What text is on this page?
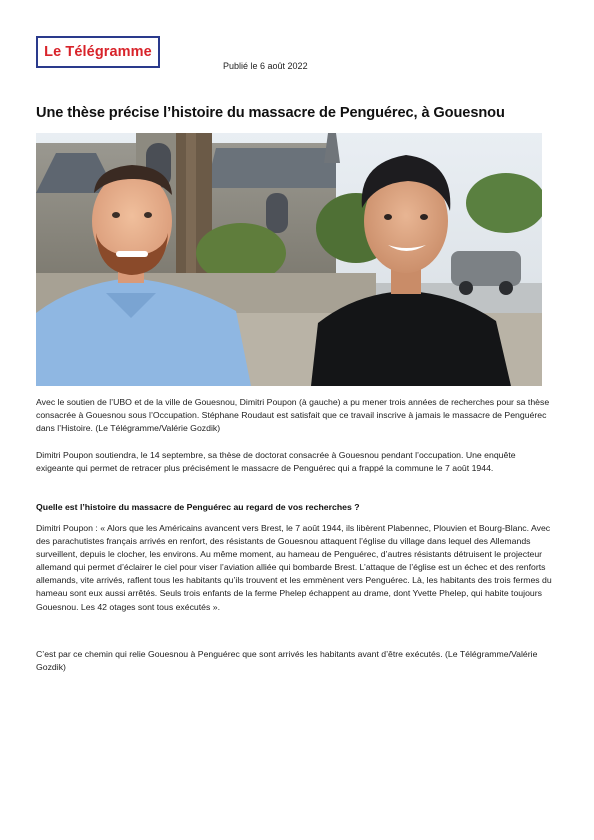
Le Télégramme
Publié le 6 août 2022
Une thèse précise l’histoire du massacre de Penguérec, à Gouesnou

Avec le soutien de l’UBO et de la ville de Gouesnou, Dimitri Poupon (à gauche) a pu mener trois années de recherches pour sa thèse consacrée à Gouesnou sous l’Occupation. Stéphane Roudaut est satisfait que ce travail inscrive à jamais le massacre de Penguérec dans l’Histoire. (Le Télégramme/Valérie Gozdik)

Dimitri Poupon soutiendra, le 14 septembre, sa thèse de doctorat consacrée à Gouesnou pendant l’occupation. Une enquête exigeante qui permet de retracer plus précisément le massacre de Penguérec qui a frappé la commune le 7 août 1944.

Quelle est l’histoire du massacre de Penguérec au regard de vos recherches ?

Dimitri Poupon : « Alors que les Américains avancent vers Brest, le 7 août 1944, ils libèrent Plabennec, Plouvien et Bourg-Blanc. Avec des parachutistes français arrivés en renfort, des résistants de Gouesnou attaquent l’église du village dans lequel des Allemands surveillent, depuis le clocher, les environs. Au même moment, au hameau de Penguérec, d’autres résistants détruisent le projecteur allemand qui permet d’éclairer le ciel pour viser l’aviation alliée qui bombarde Brest. L’attaque de l’église est un échec et des renforts allemands, vite arrivés, raflent tous les habitants qu’ils trouvent et les emmènent vers Penguérec. Là, les habitants des trois fermes du hameau sont eux aussi arrêtés. Seuls trois enfants de la ferme Phelep échappent au drame, dont Yvette Phelep, qui habite toujours Gouesnou. Les 42 otages sont tous exécutés ».

C’est par ce chemin qui relie Gouesnou à Penguérec que sont arrivés les habitants avant d’être exécutés. (Le Télégramme/Valérie Gozdik)
